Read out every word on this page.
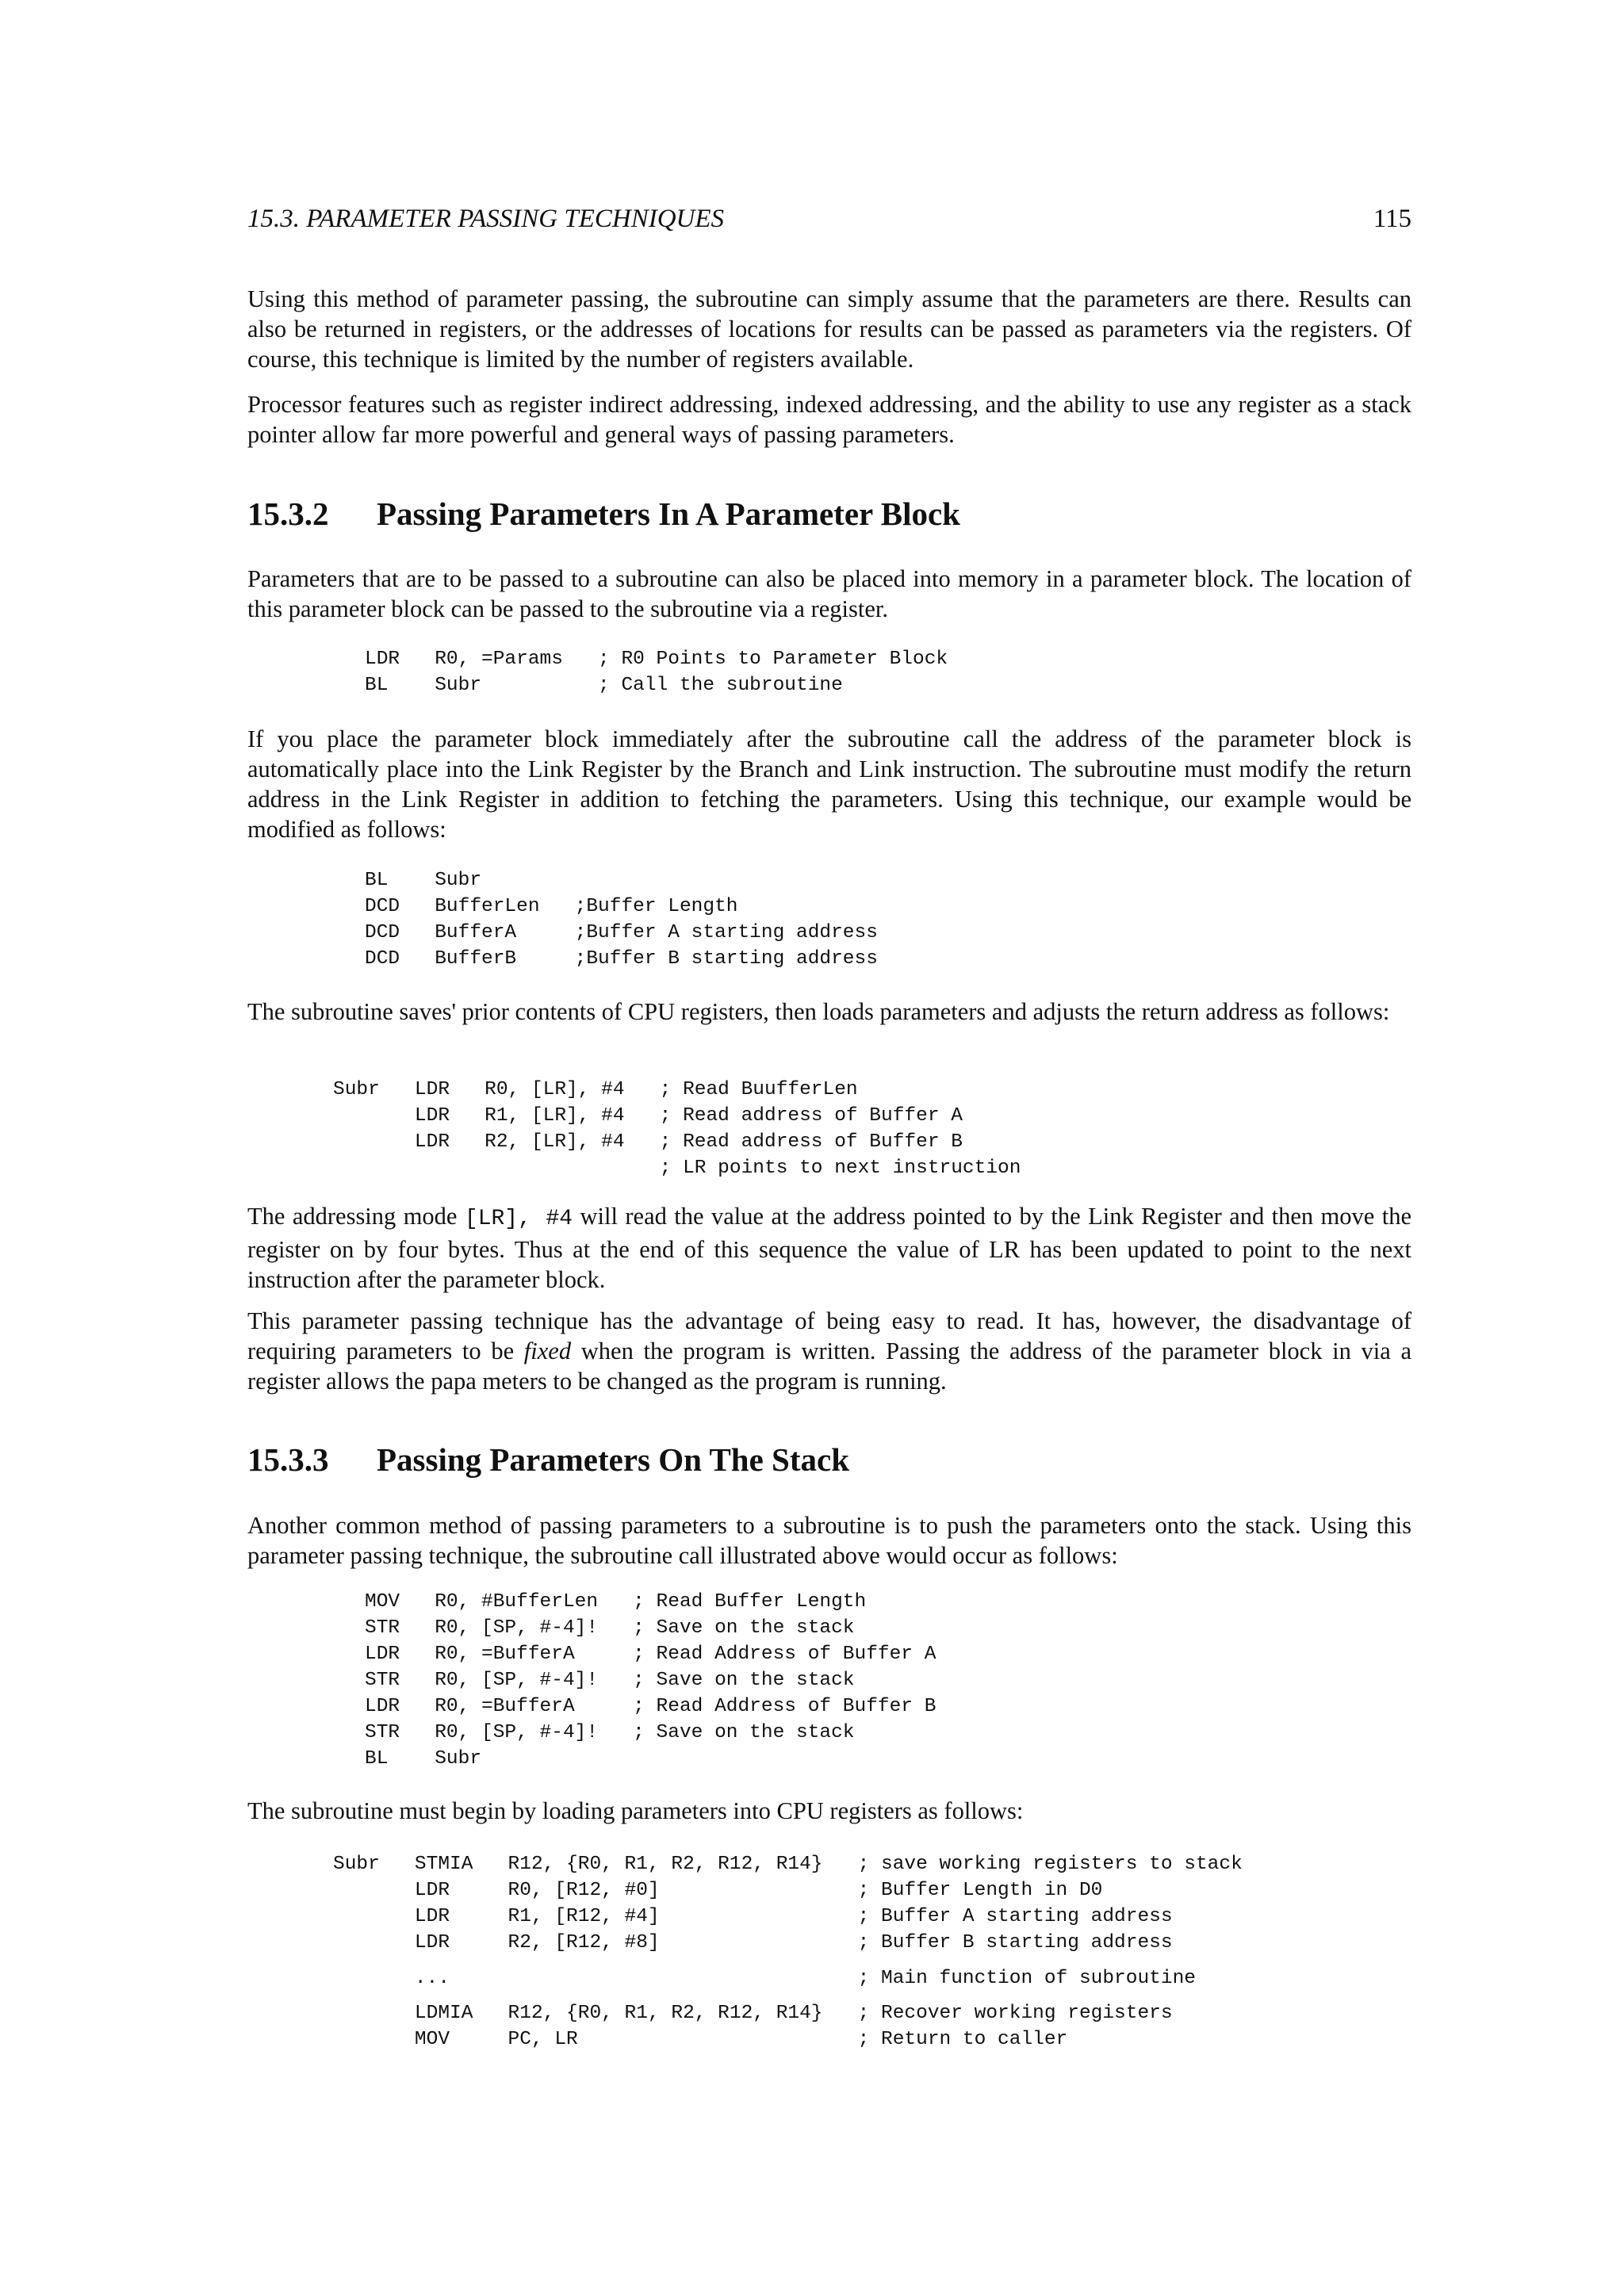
15.3. PARAMETER PASSING TECHNIQUES	115

Using this method of parameter passing, the subroutine can simply assume that the parameters are there. Results can also be returned in registers, or the addresses of locations for results can be passed as parameters via the registers. Of course, this technique is limited by the number of registers available.

Processor features such as register indirect addressing, indexed addressing, and the ability to use any register as a stack pointer allow far more powerful and general ways of passing parameters.

15.3.2 Passing Parameters In A Parameter Block

Parameters that are to be passed to a subroutine can also be placed into memory in a parameter block. The location of this parameter block can be passed to the subroutine via a register.

LDR   R0, =Params   ; R0 Points to Parameter Block
BL    Subr          ; Call the subroutine

If you place the parameter block immediately after the subroutine call the address of the parameter block is automatically place into the Link Register by the Branch and Link instruction. The subroutine must modify the return address in the Link Register in addition to fetching the parameters. Using this technique, our example would be modified as follows:

BL    Subr
DCD   BufferLen   ;Buffer Length
DCD   BufferA     ;Buffer A starting address
DCD   BufferB     ;Buffer B starting address

The subroutine saves' prior contents of CPU registers, then loads parameters and adjusts the return address as follows:

Subr   LDR   R0, [LR], #4   ; Read BuufferLen
LDR   R1, [LR], #4   ; Read address of Buffer A
LDR   R2, [LR], #4   ; Read address of Buffer B
; LR points to next instruction

The addressing mode [LR], #4 will read the value at the address pointed to by the Link Register and then move the register on by four bytes. Thus at the end of this sequence the value of LR has been updated to point to the next instruction after the parameter block.

This parameter passing technique has the advantage of being easy to read. It has, however, the disadvantage of requiring parameters to be fixed when the program is written. Passing the address of the parameter block in via a register allows the papa meters to be changed as the program is running.

15.3.3 Passing Parameters On The Stack

Another common method of passing parameters to a subroutine is to push the parameters onto the stack. Using this parameter passing technique, the subroutine call illustrated above would occur as follows:

MOV   R0, #BufferLen   ; Read Buffer Length
STR   R0, [SP, #-4]!   ; Save on the stack
LDR   R0, =BufferA     ; Read Address of Buffer A
STR   R0, [SP, #-4]!   ; Save on the stack
LDR   R0, =BufferA     ; Read Address of Buffer B
STR   R0, [SP, #-4]!   ; Save on the stack
BL    Subr

The subroutine must begin by loading parameters into CPU registers as follows:

Subr   STMIA   R12, {R0, R1, R2, R12, R14}   ; save working registers to stack
LDR     R0, [R12, #0]                 ; Buffer Length in D0
LDR     R1, [R12, #4]                 ; Buffer A starting address
LDR     R2, [R12, #8]                 ; Buffer B starting address
...                                   ; Main function of subroutine
LDMIA   R12, {R0, R1, R2, R12, R14}   ; Recover working registers
MOV     PC, LR                        ; Return to caller
